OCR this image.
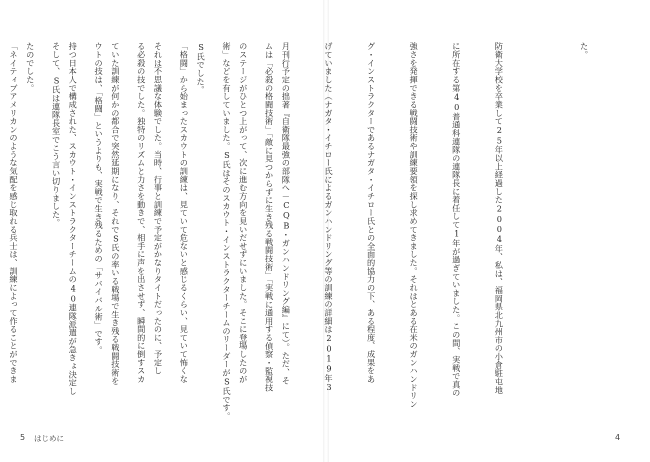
ムは「必殺の格闘技術」「敵に見つからずに生き残る戦闘技術」「実戦に通用する偵察・監視技

術」などを有していました。S氏はそのスカウト・インストラクターチームのリーダーがS氏です。

「格闘」から始まったスカウトの訓練は、見ていて危ないと感じるくらい、見ていて怖くな

る必殺の技でした。独特のリズムと力さを動きで、相手に声を出させず、瞬間的に倒すスカ

ウトの技は、「格闘」というよりも、実戦で生き残るための「サバイバル術」です。

そして、S氏は連隊長室でこう言い切りました。

「ネイティブアメリカンのような気配を感じ取れる兵士は、訓練によって作ることができま

5 はじめに

た。

防衛大学校を卒業して25年以上経過した2004年、私は、福岡県北九州市の小倉駐屯地

に所在する第40普通科連隊の連隊長に着任して1年が過ぎていました。この間、実戦で真の

強さを発揮できる戦闘技術や訓練要領を探し求めてきました。それはとある在米のガンハンドリン

グ・インストラクターであるナガタ・イチロー氏との全面的協力の下、ある程度、成果をあ

げていました（ナガタ・イチロー氏によるガンハンドリング等の訓練の詳細は2019年3

月刊行予定の拙著『自衛隊最強の部隊へ－CQB・ガンハンドリング編』にて）。ただ、そ

のステージがひとつ上がって、次に進む方向を見いだせずにいました。そこに登場したのが

S氏でした。

それは不思議な体験でした。当時、行事と訓練で予定がかなりタイトだったのに、予定し

ていた訓練が何かの都合で突然延期になり、それでS氏の率いる戦場で生き残る戦闘技術を

持つ日本人で構成された、スカウト・インストラクターチームの40連隊派遣が急きょ決定し

たのでした。

4
